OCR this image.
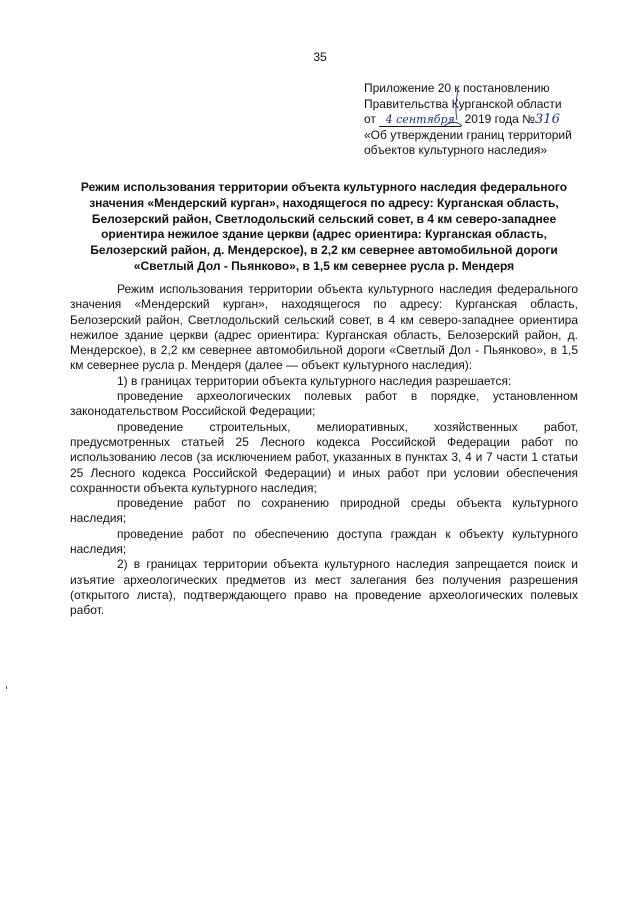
35
Приложение 20 к постановлению
Правительства Курганской области
от 4 сентября 2019 года №316
«Об утверждении границ территорий
объектов культурного наследия»
Режим использования территории объекта культурного наследия федерального значения «Мендерский курган», находящегося по адресу: Курганская область, Белозерский район, Светлодольский сельский совет, в 4 км северо-западнее ориентира нежилое здание церкви (адрес ориентира: Курганская область, Белозерский район, д. Мендерское), в 2,2 км севернее автомобильной дороги «Светлый Дол - Пьянково», в 1,5 км севернее русла р. Мендеря

Режим использования территории объекта культурного наследия федерального значения «Мендерский курган», находящегося по адресу: Курганская область, Белозерский район, Светлодольский сельский совет, в 4 км северо-западнее ориентира нежилое здание церкви (адрес ориентира: Курганская область, Белозерский район, д. Мендерское), в 2,2 км севернее автомобильной дороги «Светлый Дол - Пьянково», в 1,5 км севернее русла р. Мендеря (далее — объект культурного наследия):

1) в границах территории объекта культурного наследия разрешается:

проведение археологических полевых работ в порядке, установленном законодательством Российской Федерации;

проведение строительных, мелиоративных, хозяйственных работ, предусмотренных статьей 25 Лесного кодекса Российской Федерации работ по использованию лесов (за исключением работ, указанных в пунктах 3, 4 и 7 части 1 статьи 25 Лесного кодекса Российской Федерации) и иных работ при условии обеспечения сохранности объекта культурного наследия;

проведение работ по сохранению природной среды объекта культурного наследия;

проведение работ по обеспечению доступа граждан к объекту культурного наследия;

2) в границах территории объекта культурного наследия запрещается поиск и изъятие археологических предметов из мест залегания без получения разрешения (открытого листа), подтверждающего право на проведение археологических полевых работ.
